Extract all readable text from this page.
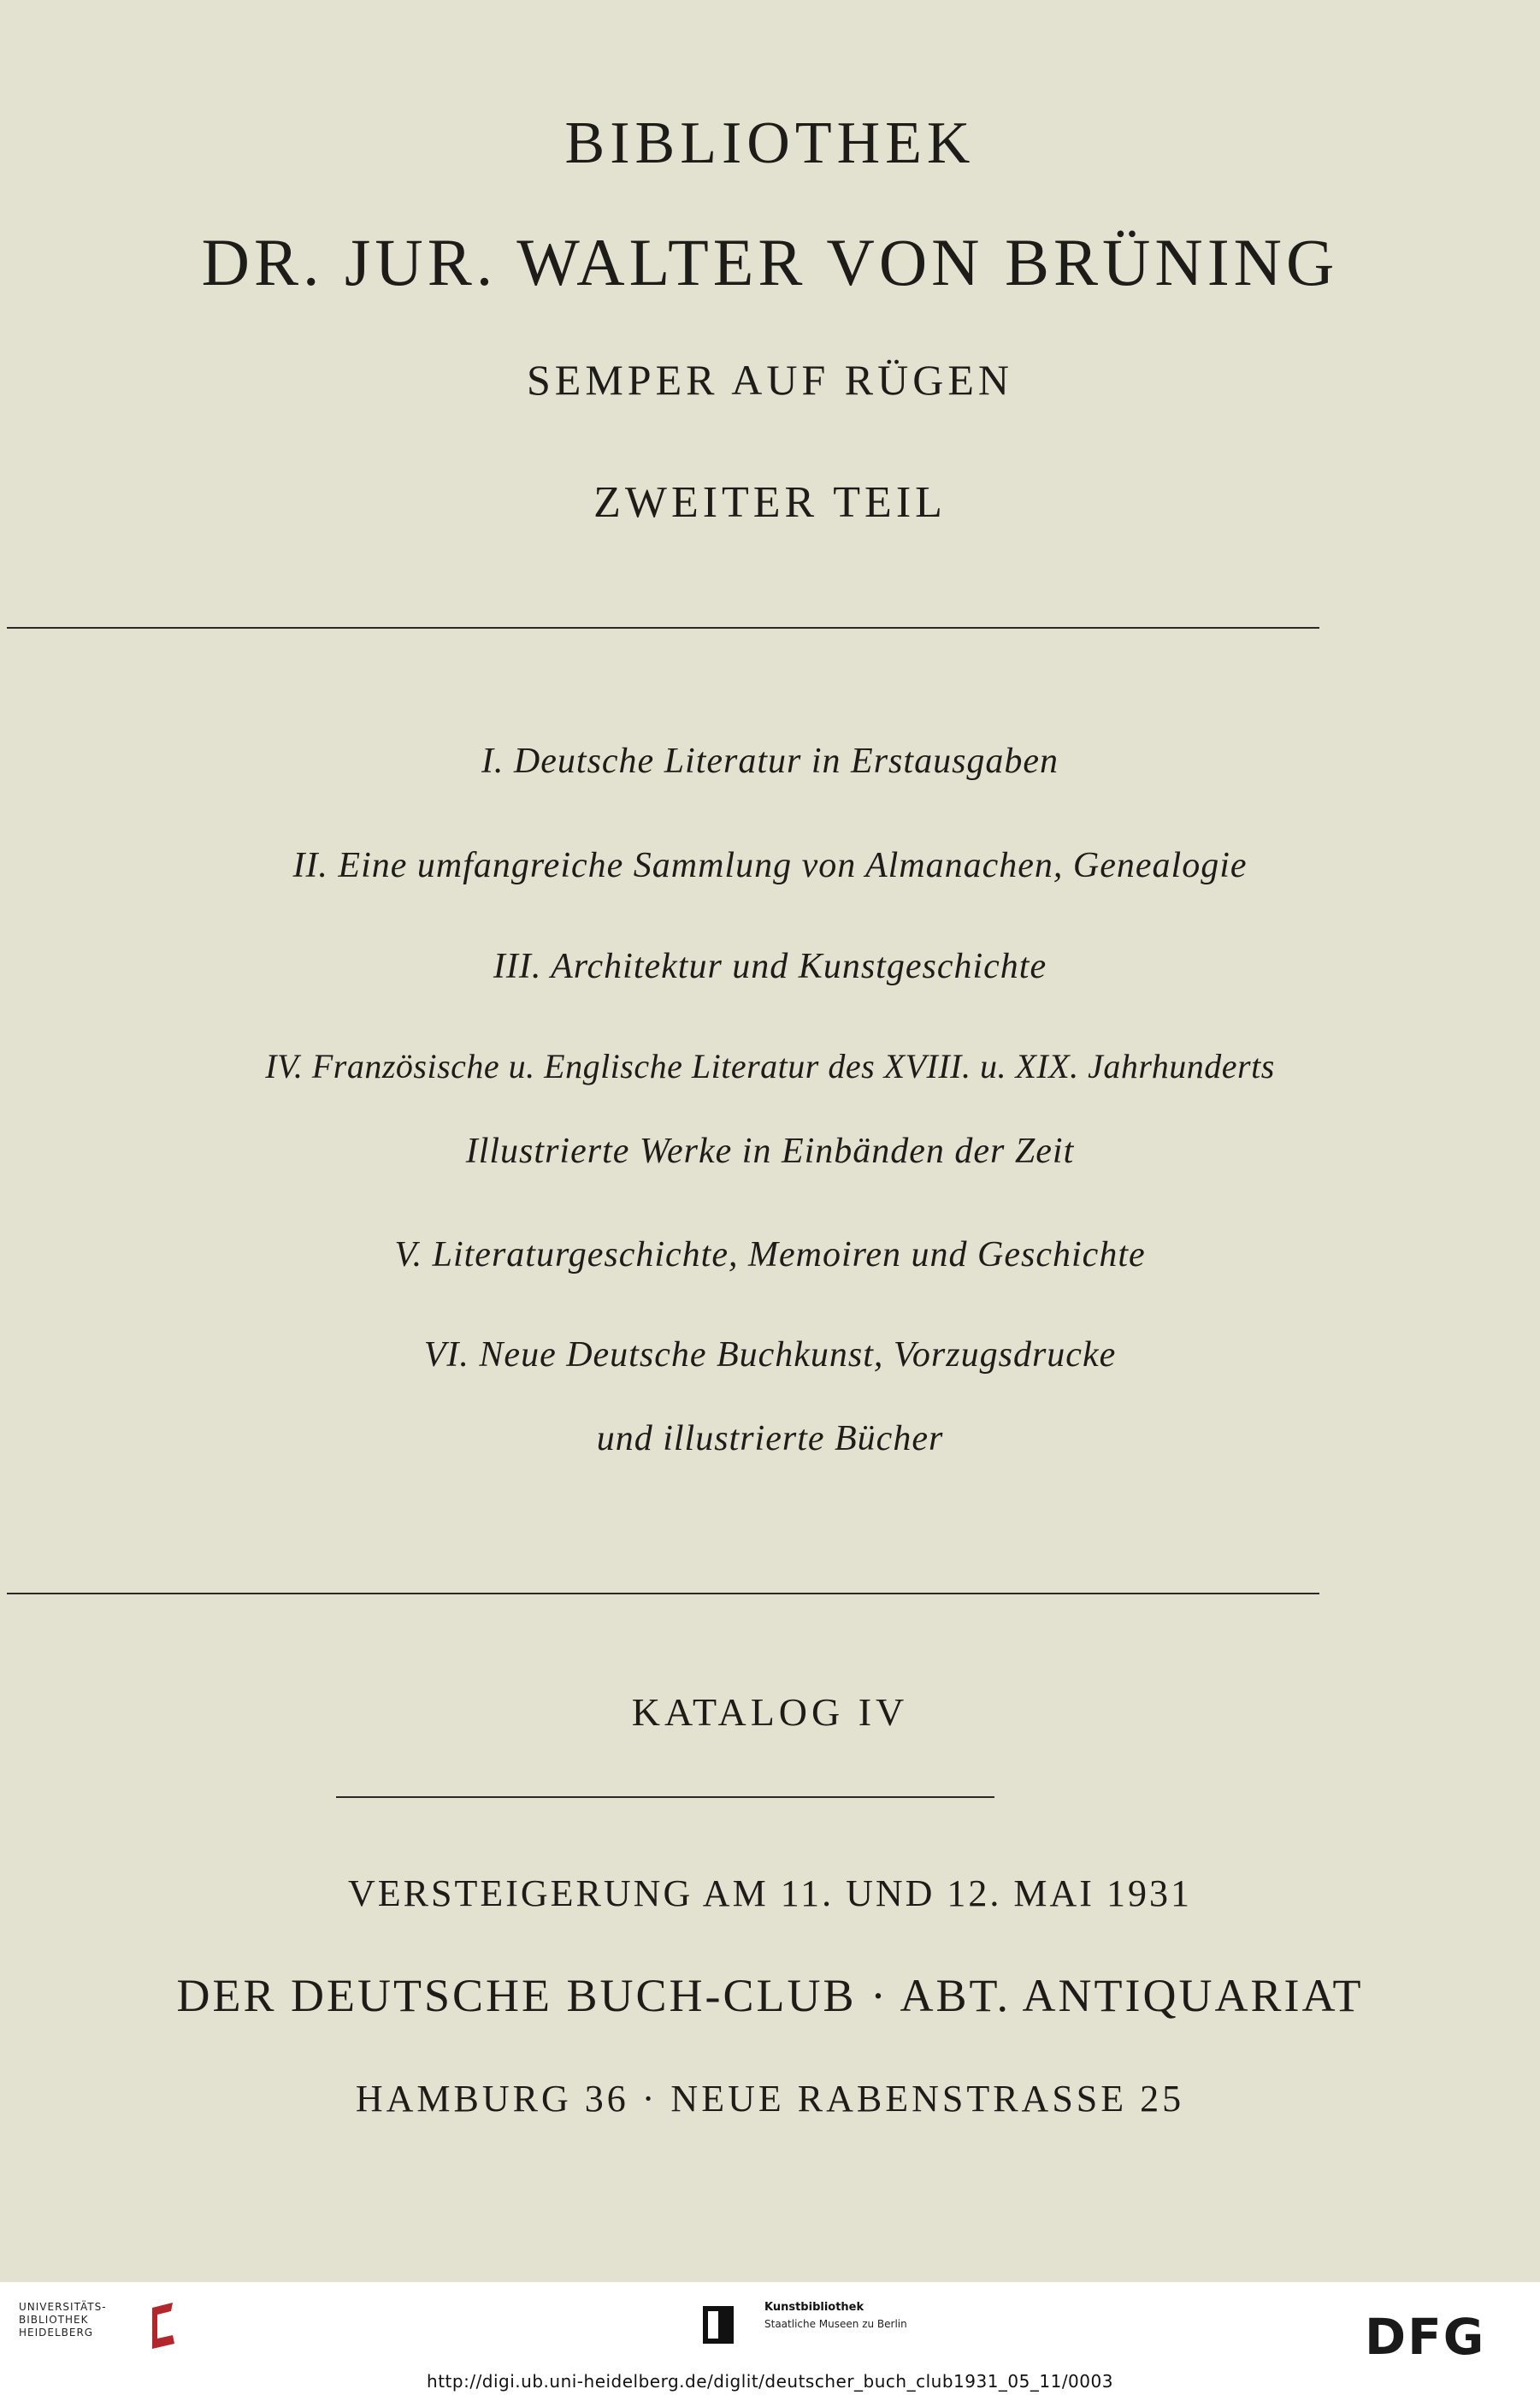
BIBLIOTHEK
DR. JUR. WALTER VON BRÜNING
SEMPER AUF RÜGEN
ZWEITER TEIL
I. Deutsche Literatur in Erstausgaben
II. Eine umfangreiche Sammlung von Almanachen, Genealogie
III. Architektur und Kunstgeschichte
IV. Französische u. Englische Literatur des XVIII. u. XIX. Jahrhunderts
Illustrierte Werke in Einbänden der Zeit
V. Literaturgeschichte, Memoiren und Geschichte
VI. Neue Deutsche Buchkunst, Vorzugsdrucke
und illustrierte Bücher
KATALOG IV
VERSTEIGERUNG AM 11. UND 12. MAI 1931
DER DEUTSCHE BUCH-CLUB · ABT. ANTIQUARIAT
HAMBURG 36 · NEUE RABENSTRASSE 25
UNIVERSITÄTS-
BIBLIOTHEK
HEIDELBERG
Kunstbibliothek
Staatliche Museen zu Berlin	DFG
http://digi.ub.uni-heidelberg.de/diglit/deutscher_buch_club1931_05_11/0003
